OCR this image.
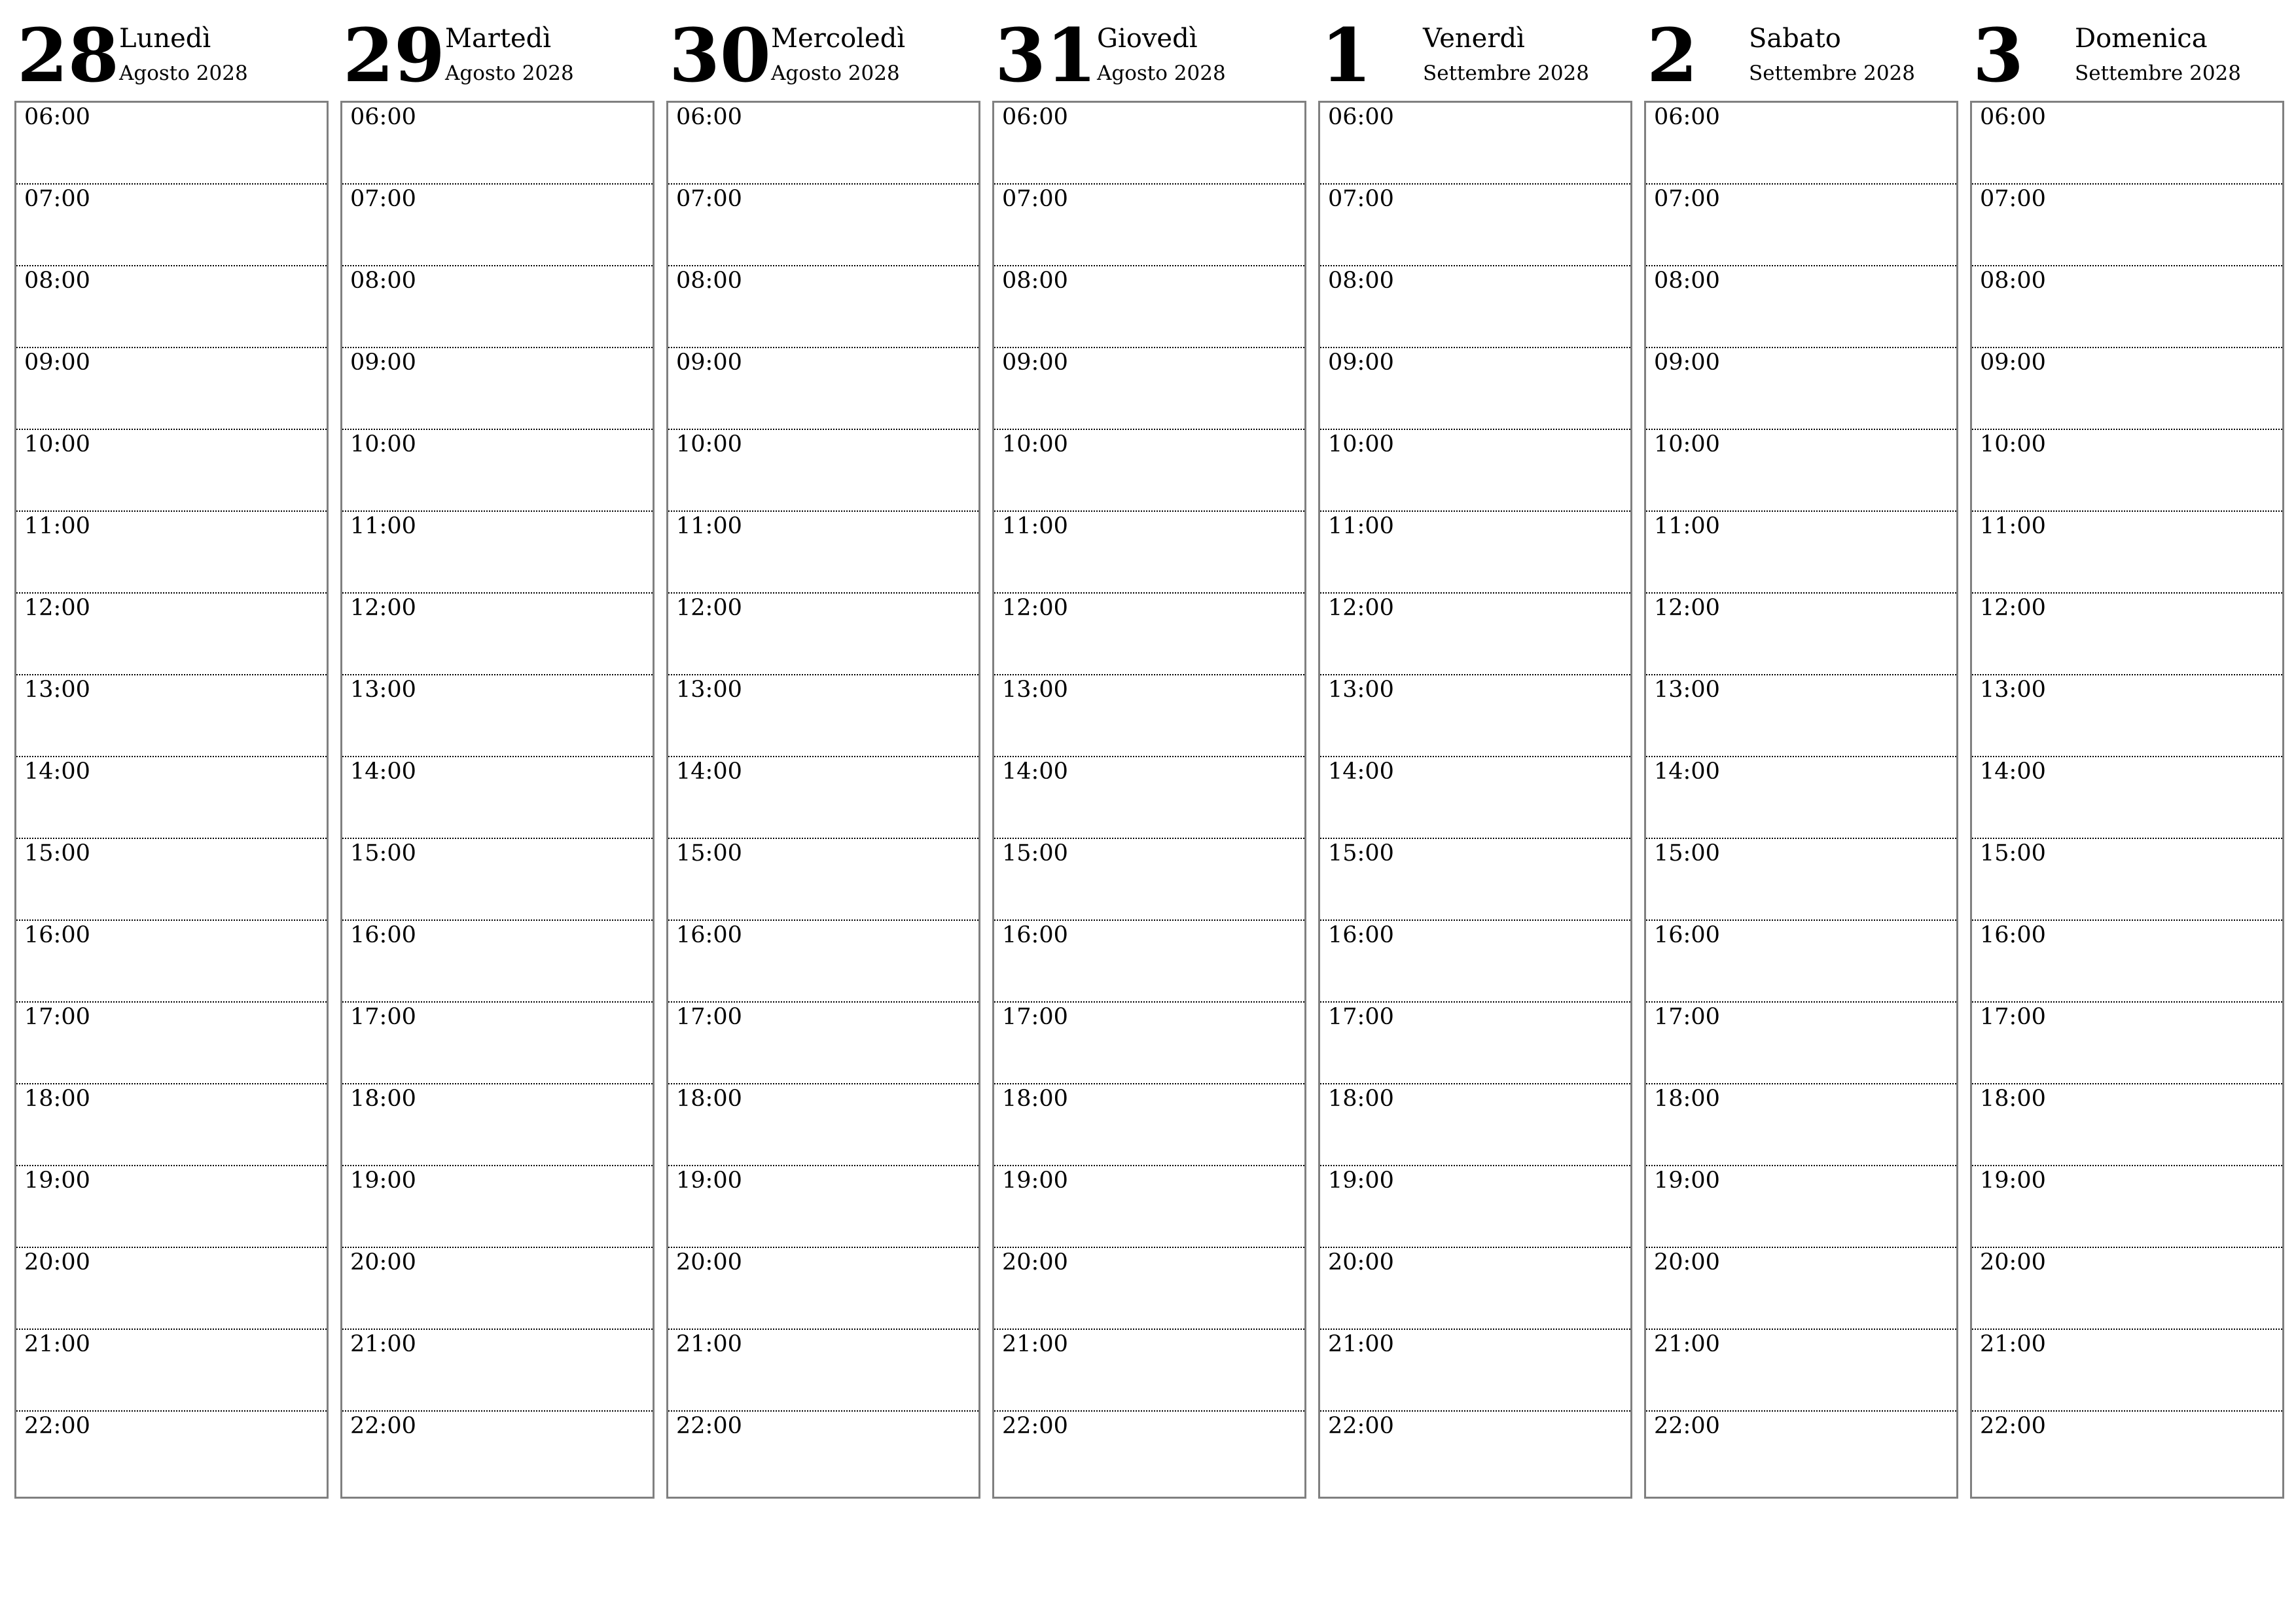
28 Lunedì
Agosto 2028
06:00
07:00
08:00
09:00
10:00
11:00
12:00
13:00
14:00
15:00
16:00
17:00
18:00
19:00
20:00
21:00
22:00
29 Martedì
Agosto 2028
06:00
07:00
08:00
09:00
10:00
11:00
12:00
13:00
14:00
15:00
16:00
17:00
18:00
19:00
20:00
21:00
22:00
30 Mercoledì
Agosto 2028
06:00
07:00
08:00
09:00
10:00
11:00
12:00
13:00
14:00
15:00
16:00
17:00
18:00
19:00
20:00
21:00
22:00
31 Giovedì
Agosto 2028
06:00
07:00
08:00
09:00
10:00
11:00
12:00
13:00
14:00
15:00
16:00
17:00
18:00
19:00
20:00
21:00
22:00
1 Venerdì
Settembre 2028
06:00
07:00
08:00
09:00
10:00
11:00
12:00
13:00
14:00
15:00
16:00
17:00
18:00
19:00
20:00
21:00
22:00
2 Sabato
Settembre 2028
06:00
07:00
08:00
09:00
10:00
11:00
12:00
13:00
14:00
15:00
16:00
17:00
18:00
19:00
20:00
21:00
22:00
3 Domenica
Settembre 2028
06:00
07:00
08:00
09:00
10:00
11:00
12:00
13:00
14:00
15:00
16:00
17:00
18:00
19:00
20:00
21:00
22:00
